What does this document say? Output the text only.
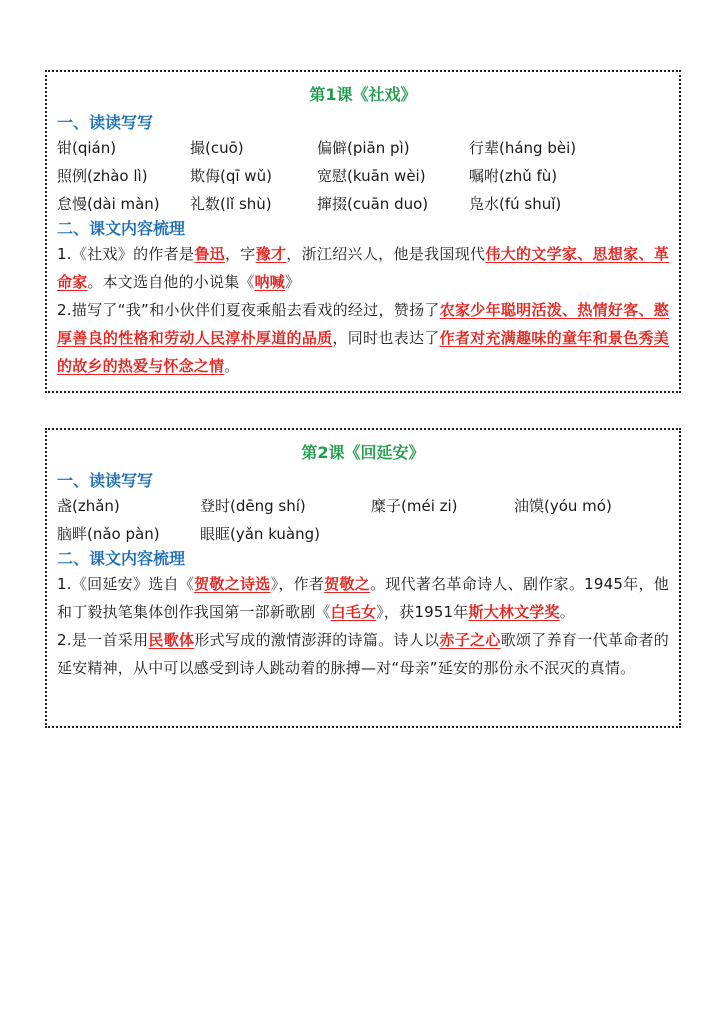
第1课《社戏》
一、读读写写
钳(qián)	撮(cuō)	偏僻(piān pì)	行辈(háng bèi)
照例(zhào lì)	欺侮(qī wǔ)	宽慰(kuān wèi)	嘱咐(zhǔ fù)
怠慢(dài màn)	礼数(lǐ shù)	撺掇(cuān duo)	凫水(fú shuǐ)
二、课文内容梳理

1.《社戏》的作者是鲁迅，字豫才，浙江绍兴人，他是我国现代伟大的文学家、思想家、革命家。本文选自他的小说集《呐喊》

2.描写了“我”和小伙伴们夏夜乘船去看戏的经过，赞扬了农家少年聪明活泼、热情好客、憨厚善良的性格和劳动人民淳朴厚道的品质，同时也表达了作者对充满趣味的童年和景色秀美的故乡的热爱与怀念之情。

第2课《回延安》
一、读读写写
盏(zhǎn)	登时(dēng shí)	糜子(méi zi)	油馍(yóu mó)
脑畔(nǎo pàn)	眼眶(yǎn kuàng)
二、课文内容梳理

1.《回延安》选自《贺敬之诗选》，作者贺敬之。现代著名革命诗人、剧作家。1945年，他和丁毅执笔集体创作我国第一部新歌剧《白毛女》，获1951年斯大林文学奖。

2.是一首采用民歌体形式写成的激情澎湃的诗篇。诗人以赤子之心歌颂了养育一代革命者的延安精神，从中可以感受到诗人跳动着的脉搏—对“母亲”延安的那份永不泯灭的真情。
